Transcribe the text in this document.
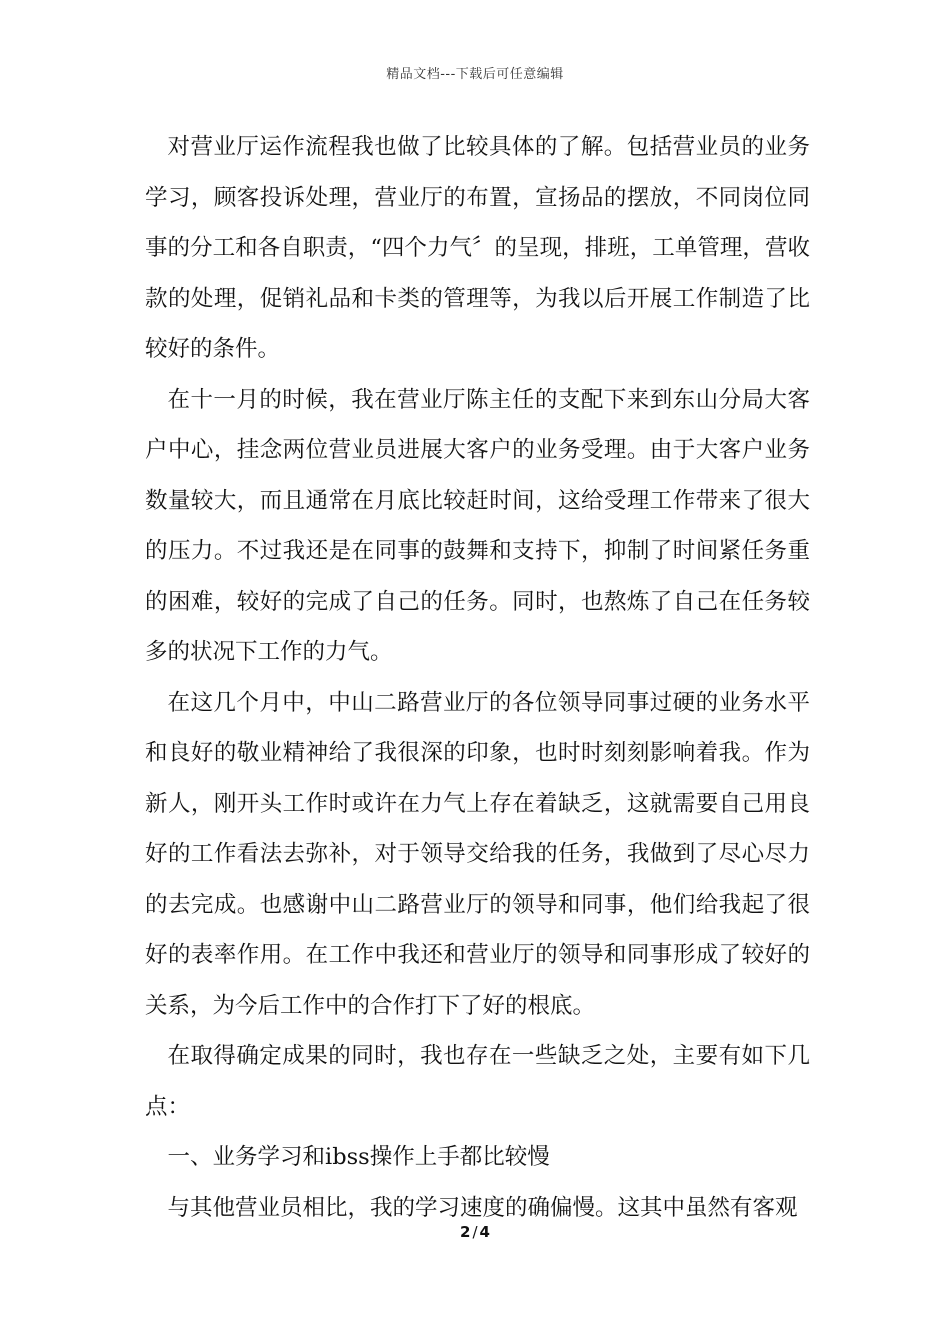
精品文档---下载后可任意编辑

对营业厅运作流程我也做了比较具体的了解。包括营业员的业务学习，顾客投诉处理，营业厅的布置，宣扬品的摆放，不同岗位同事的分工和各自职责，“四个力气〞的呈现，排班，工单管理，营收款的处理，促销礼品和卡类的管理等，为我以后开展工作制造了比较好的条件。

在十一月的时候，我在营业厅陈主任的支配下来到东山分局大客户中心，挂念两位营业员进展大客户的业务受理。由于大客户业务数量较大，而且通常在月底比较赶时间，这给受理工作带来了很大的压力。不过我还是在同事的鼓舞和支持下，抑制了时间紧任务重的困难，较好的完成了自己的任务。同时，也熬炼了自己在任务较多的状况下工作的力气。

在这几个月中，中山二路营业厅的各位领导同事过硬的业务水平和良好的敬业精神给了我很深的印象，也时时刻刻影响着我。作为新人，刚开头工作时或许在力气上存在着缺乏，这就需要自己用良好的工作看法去弥补，对于领导交给我的任务，我做到了尽心尽力的去完成。也感谢中山二路营业厅的领导和同事，他们给我起了很好的表率作用。在工作中我还和营业厅的领导和同事形成了较好的关系，为今后工作中的合作打下了好的根底。

在取得确定成果的同时，我也存在一些缺乏之处，主要有如下几点：

一、业务学习和ibss操作上手都比较慢

与其他营业员相比，我的学习速度的确偏慢。这其中虽然有客观

2 / 4
